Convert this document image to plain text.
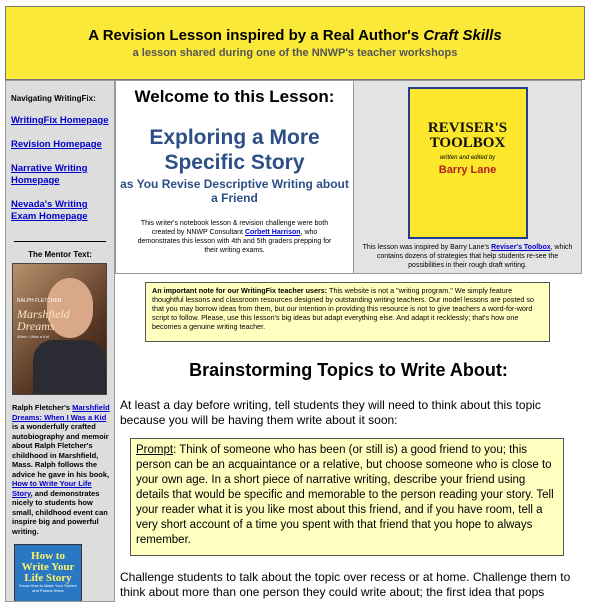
A Revision Lesson inspired by a Real Author's Craft Skills
a lesson shared during one of the NNWP's teacher workshops
Navigating WritingFix:
WritingFix Homepage
Revision Homepage
Narrative Writing Homepage
Nevada's Writing Exam Homepage
The Mentor Text:
RALPH FLETCHER
Marshfield Dreams
When I Was a Kid
Ralph Fletcher's Marshfield Dreams: When I Was a Kid is a wonderfully crafted autobiography and memoir about Ralph Fletcher's childhood in Marshfield, Mass. Ralph follows the advice he gave in his book, How to Write Your Life Story, and demonstrates nicely to students how small, childhood event can inspire big and powerful writing.
How to Write Your Life Story
Know How to Make Your Stories and Poems Shine
Welcome to this Lesson:
Exploring a More Specific Story
as You Revise Descriptive Writing about a Friend
This writer's notebook lesson & revision challenge were both created by NNWP Consultant Corbett Harrison, who demonstrates this lesson with 4th and 5th graders prepping for their writing exams.
REVISER'S TOOLBOX
written and edited by
Barry Lane
This lesson was inspired by Barry Lane's Reviser's Toolbox, which contains dozens of strategies that help students re-see the possibilities in their rough draft writing.
An important note for our WritingFix teacher users: This website is not a "writing program." We simply feature thoughtful lessons and classroom resources designed by outstanding writing teachers. Our model lessons are posted so that you may borrow ideas from them, but our intention in providing this resource is not to give teachers a word-for-word script to follow. Please, use this lesson's big ideas but adapt everything else. And adapt it recklessly; that's how one becomes a genuine writing teacher.
Brainstorming Topics to Write About:
At least a day before writing, tell students they will need to think about this topic because you will be having them write about it soon:
Prompt: Think of someone who has been (or still is) a good friend to you; this person can be an acquaintance or a relative, but choose someone who is close to your own age. In a short piece of narrative writing, describe your friend using details that would be specific and memorable to the person reading your story. Tell your reader what it is you like most about this friend, and if you have room, tell a very short account of a time you spent with that friend that you hope to always remember.
Challenge students to talk about the topic over recess or at home. Challenge them to think about more than one person they could write about; the first idea that pops
